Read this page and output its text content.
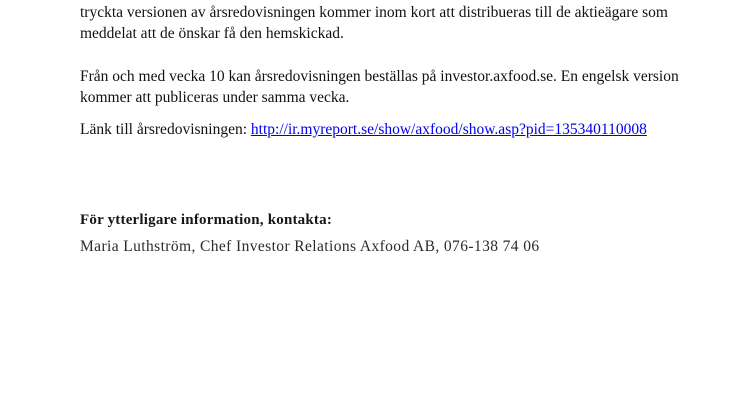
tryckta versionen av årsredovisningen kommer inom kort att distribueras till de aktieägare som meddelat att de önskar få den hemskickad.

Från och med vecka 10 kan årsredovisningen beställas på investor.axfood.se. En engelsk version kommer att publiceras under samma vecka.

Länk till årsredovisningen: http://ir.myreport.se/show/axfood/show.asp?pid=135340110008

För ytterligare information, kontakta:

Maria Luthström, Chef Investor Relations Axfood AB, 076-138 74 06
